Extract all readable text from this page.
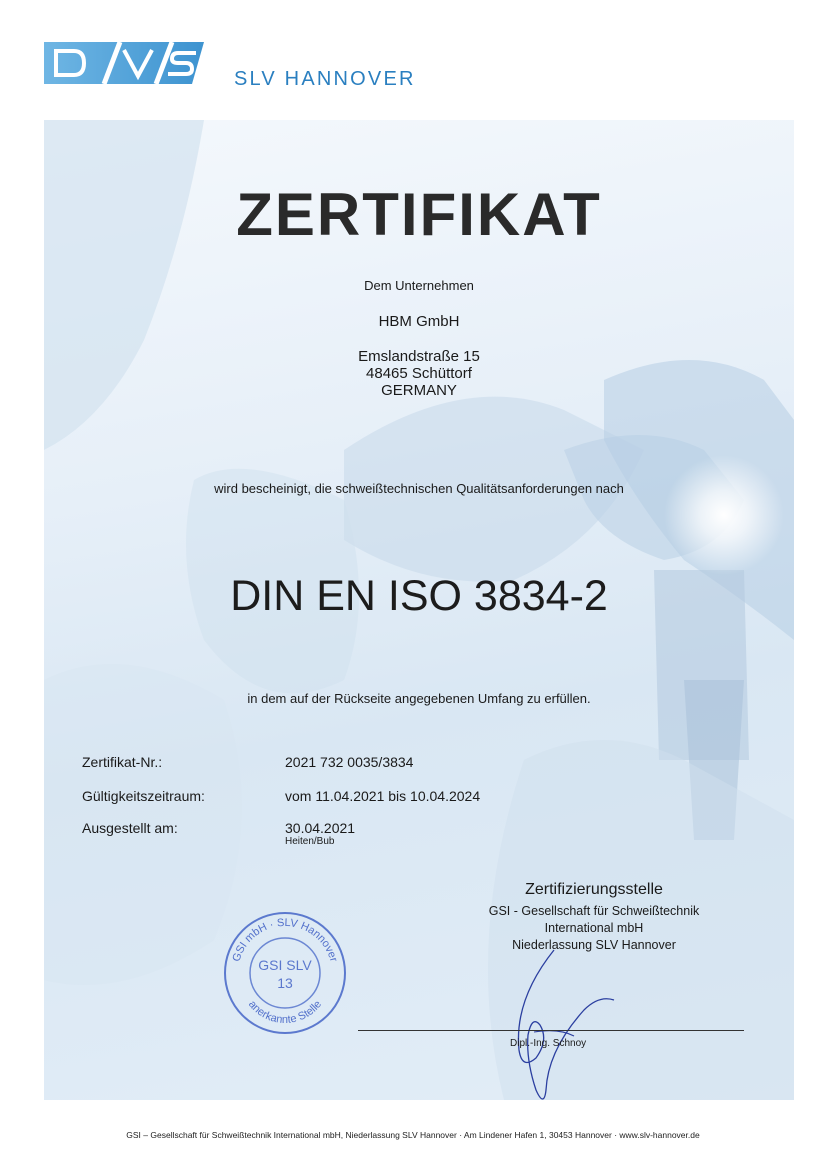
SLV HANNOVER
ZERTIFIKAT
Dem Unternehmen
HBM GmbH
Emslandstraße 15
48465 Schüttorf
GERMANY
wird bescheinigt, die schweißtechnischen Qualitätsanforderungen nach
DIN EN ISO 3834-2
in dem auf der Rückseite angegebenen Umfang zu erfüllen.
Zertifikat-Nr.:	2021 732 0035/3834
Gültigkeitszeitraum:	vom 11.04.2021 bis 10.04.2024
Ausgestellt am:	30.04.2021
Heiten/Bub
Zertifizierungsstelle
GSI - Gesellschaft für Schweißtechnik
International mbH
Niederlassung SLV Hannover
GSI mbH · SLV Hannover
anerkannte Stelle
GSI SLV
13
Dipl.-Ing. Schnoy
GSI – Gesellschaft für Schweißtechnik International mbH, Niederlassung SLV Hannover · Am Lindener Hafen 1, 30453 Hannover · www.slv-hannover.de
